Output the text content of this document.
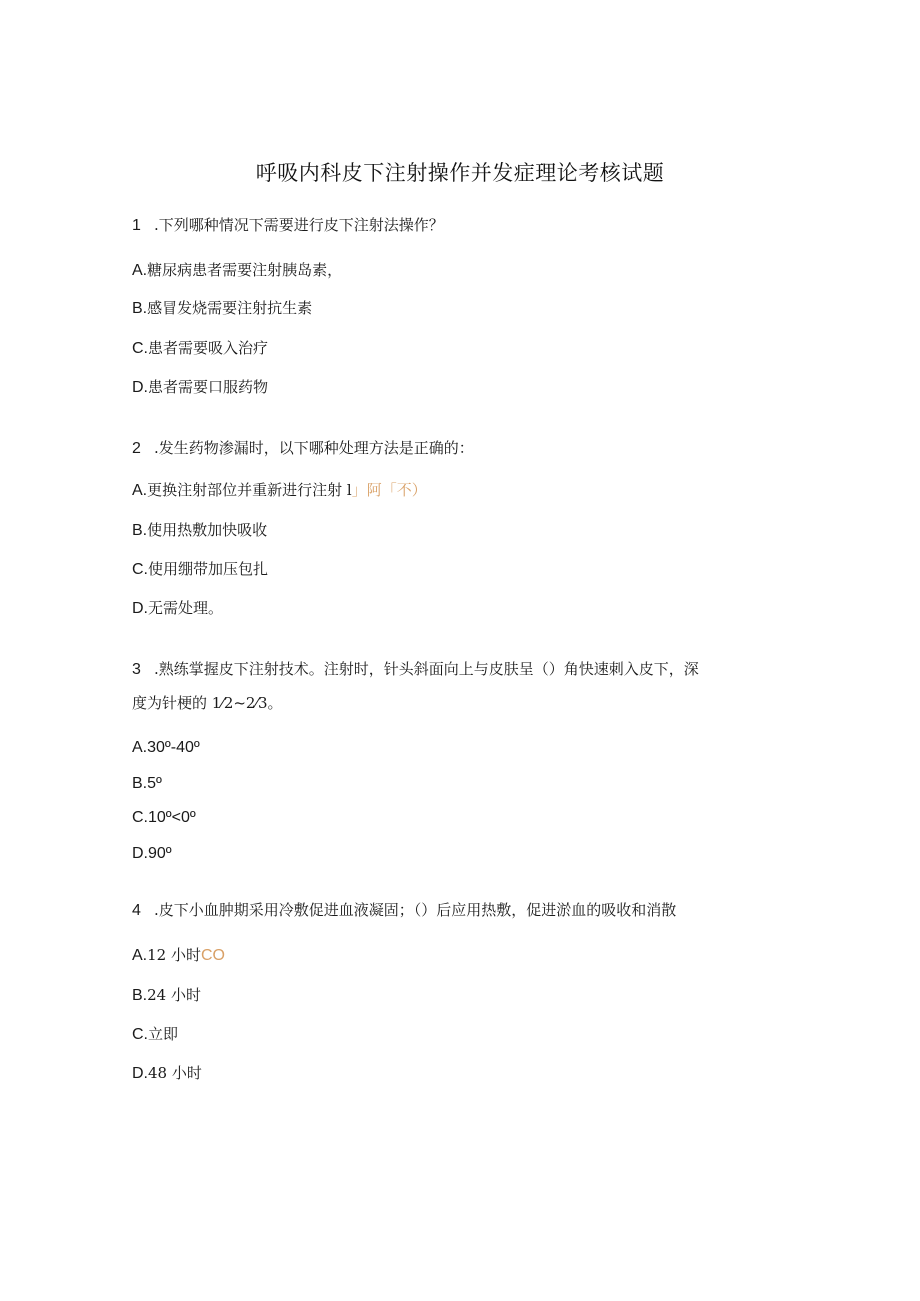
呼吸内科皮下注射操作并发症理论考核试题
1 .下列哪种情况下需要进行皮下注射法操作？
A.糖尿病患者需要注射胰岛素，
B.感冒发烧需要注射抗生素
C.患者需要吸入治疗
D.患者需要口服药物
2 .发生药物渗漏时，以下哪种处理方法是正确的：
A.更换注射部位并重新进行注射 l」阿「不）
B.使用热敷加快吸收
C.使用绷带加压包扎
D.无需处理。
3 .熟练掌握皮下注射技术。注射时，针头斜面向上与皮肤呈（）角快速刺入皮下，深
度为针梗的 1⁄2~2⁄3。
A.30º-40º
B.5º
C.10º<0º
D.90º
4 .皮下小血肿期采用冷敷促进血液凝固；（）后应用热敷，促进淤血的吸收和消散
A.12 小时CO
B.24 小时
C.立即
D.48 小时
